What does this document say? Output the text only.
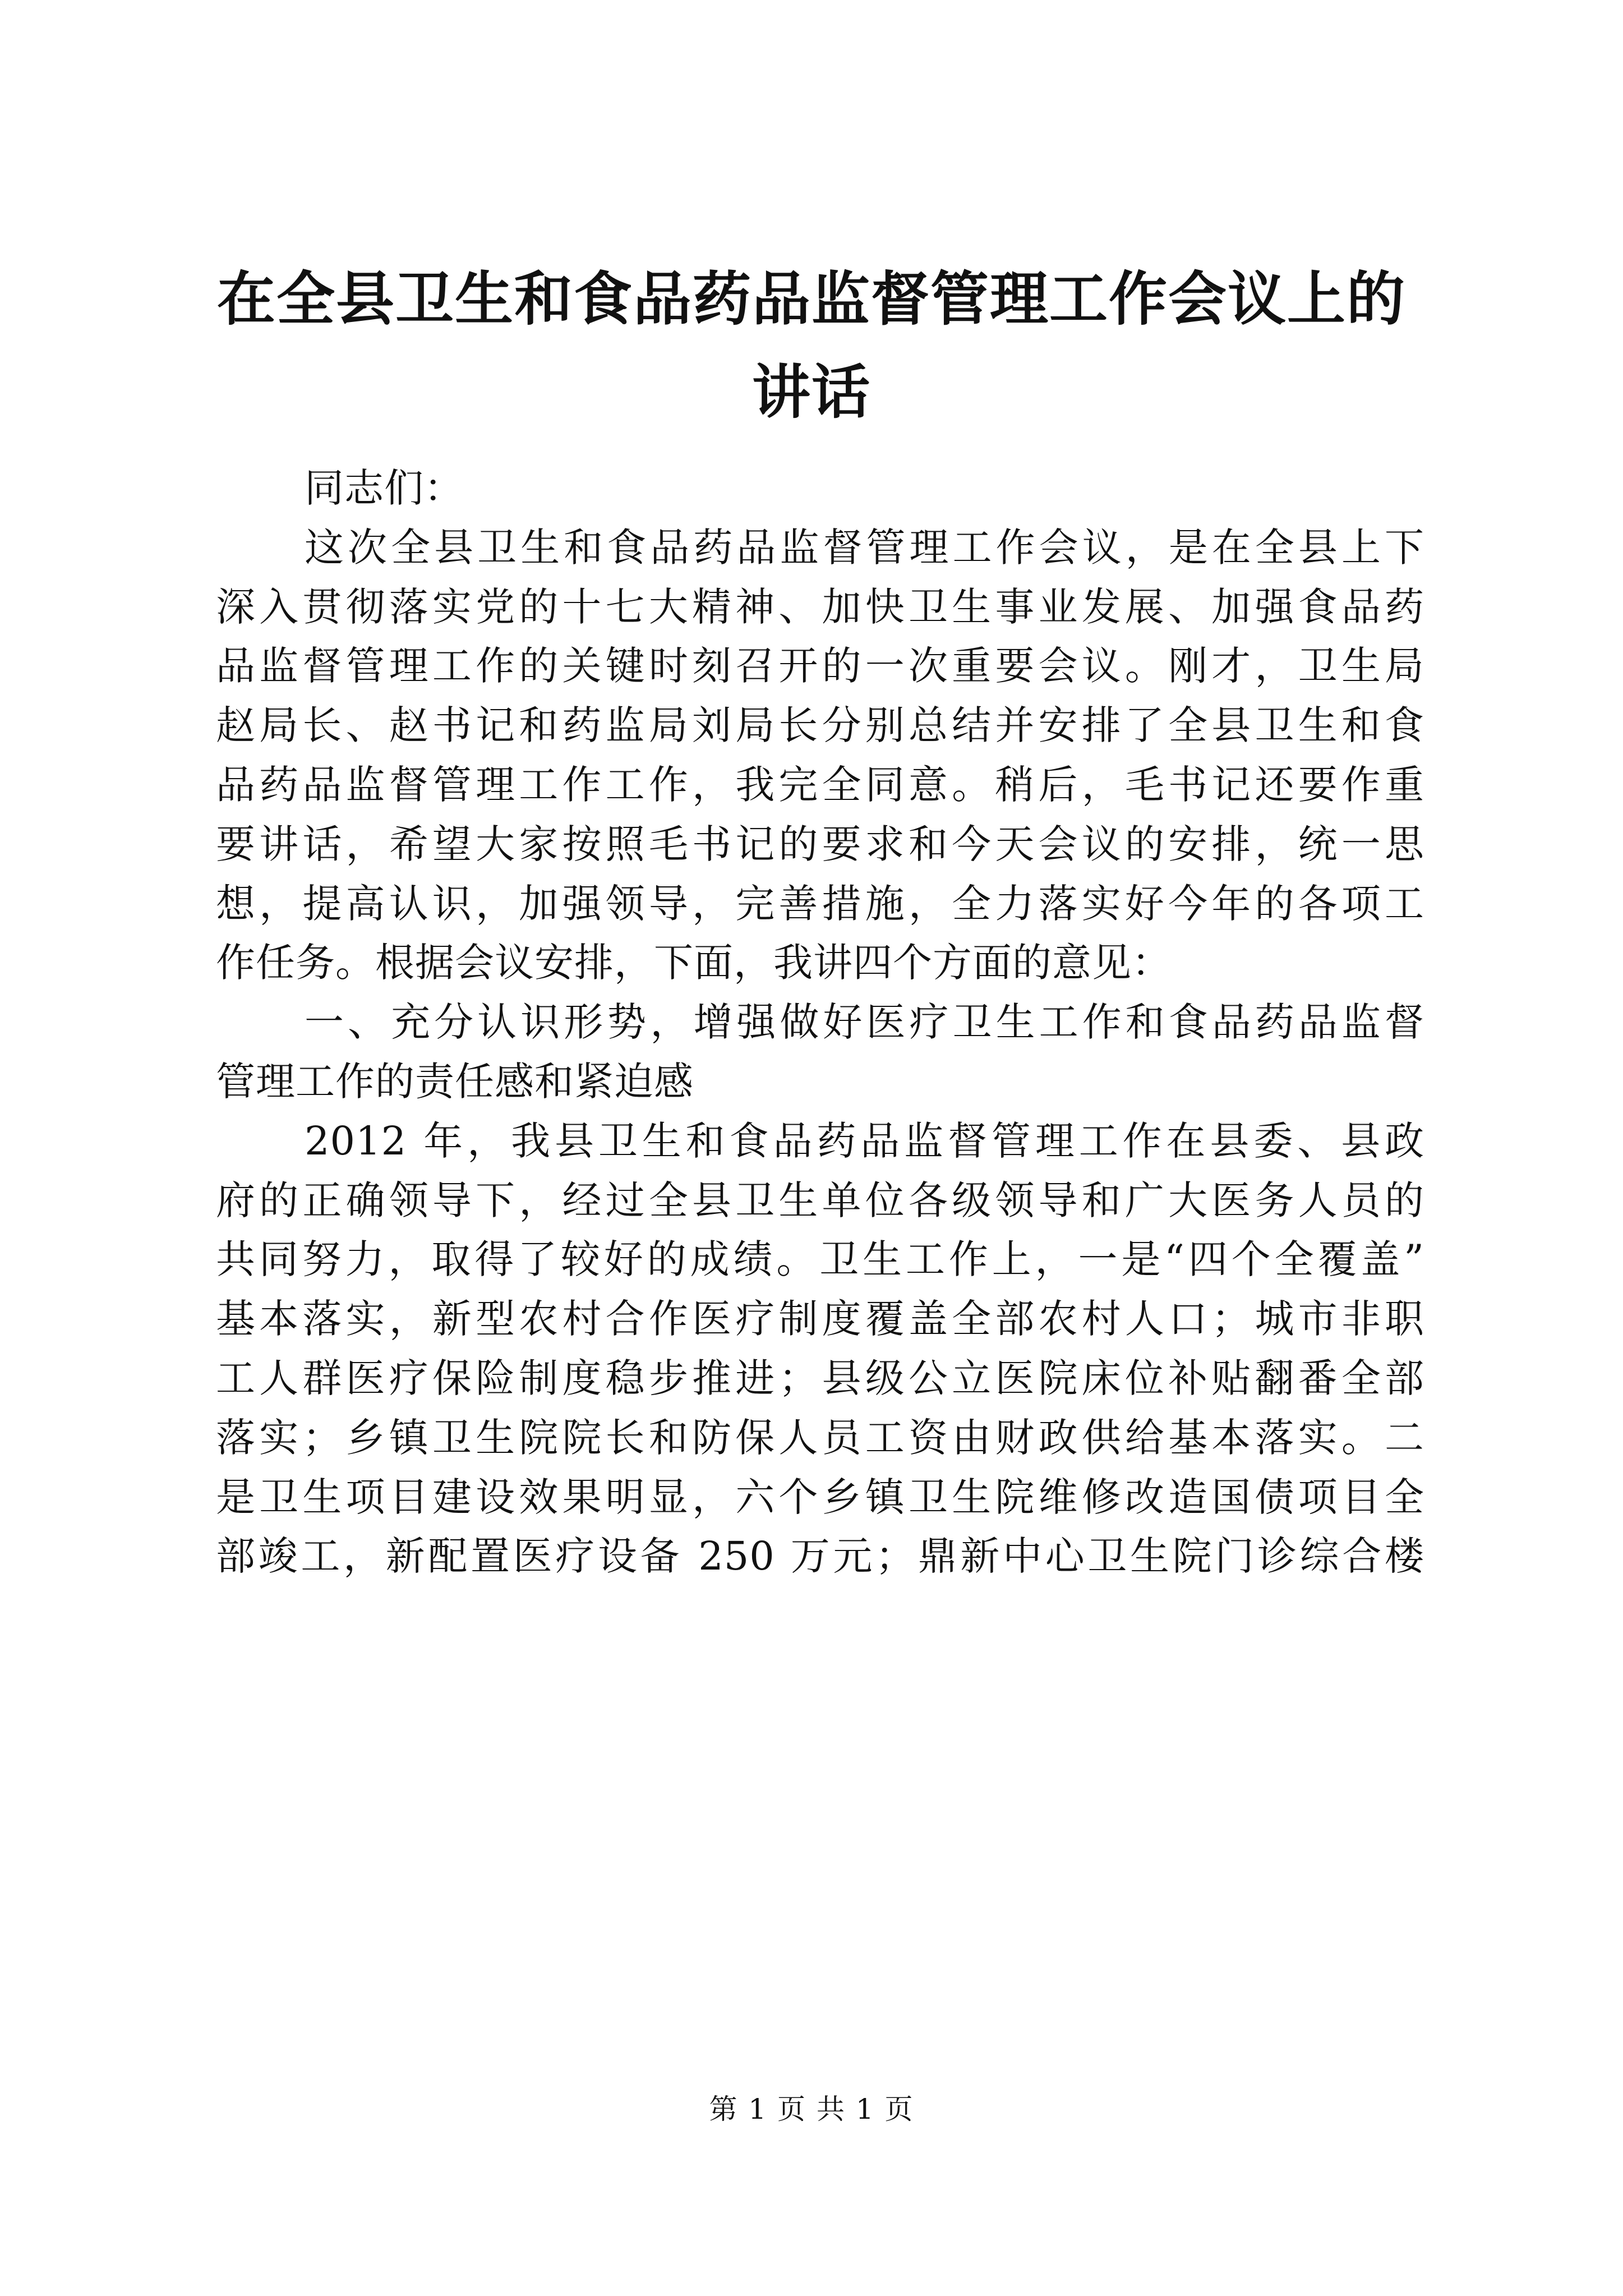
在全县卫生和食品药品监督管理工作会议上的
讲话
同志们：
这次全县卫生和食品药品监督管理工作会议，是在全县上下
深入贯彻落实党的十七大精神、加快卫生事业发展、加强食品药
品监督管理工作的关键时刻召开的一次重要会议。刚才，卫生局
赵局长、赵书记和药监局刘局长分别总结并安排了全县卫生和食
品药品监督管理工作工作，我完全同意。稍后，毛书记还要作重
要讲话，希望大家按照毛书记的要求和今天会议的安排，统一思
想，提高认识，加强领导，完善措施，全力落实好今年的各项工
作任务。根据会议安排，下面，我讲四个方面的意见：
一、充分认识形势，增强做好医疗卫生工作和食品药品监督
管理工作的责任感和紧迫感
2012 年，我县卫生和食品药品监督管理工作在县委、县政
府的正确领导下，经过全县卫生单位各级领导和广大医务人员的
共同努力，取得了较好的成绩。卫生工作上，一是“四个全覆盖”
基本落实，新型农村合作医疗制度覆盖全部农村人口；城市非职
工人群医疗保险制度稳步推进；县级公立医院床位补贴翻番全部
落实；乡镇卫生院院长和防保人员工资由财政供给基本落实。二
是卫生项目建设效果明显，六个乡镇卫生院维修改造国债项目全
部竣工，新配置医疗设备 250 万元；鼎新中心卫生院门诊综合楼
第 1 页 共 1 页
